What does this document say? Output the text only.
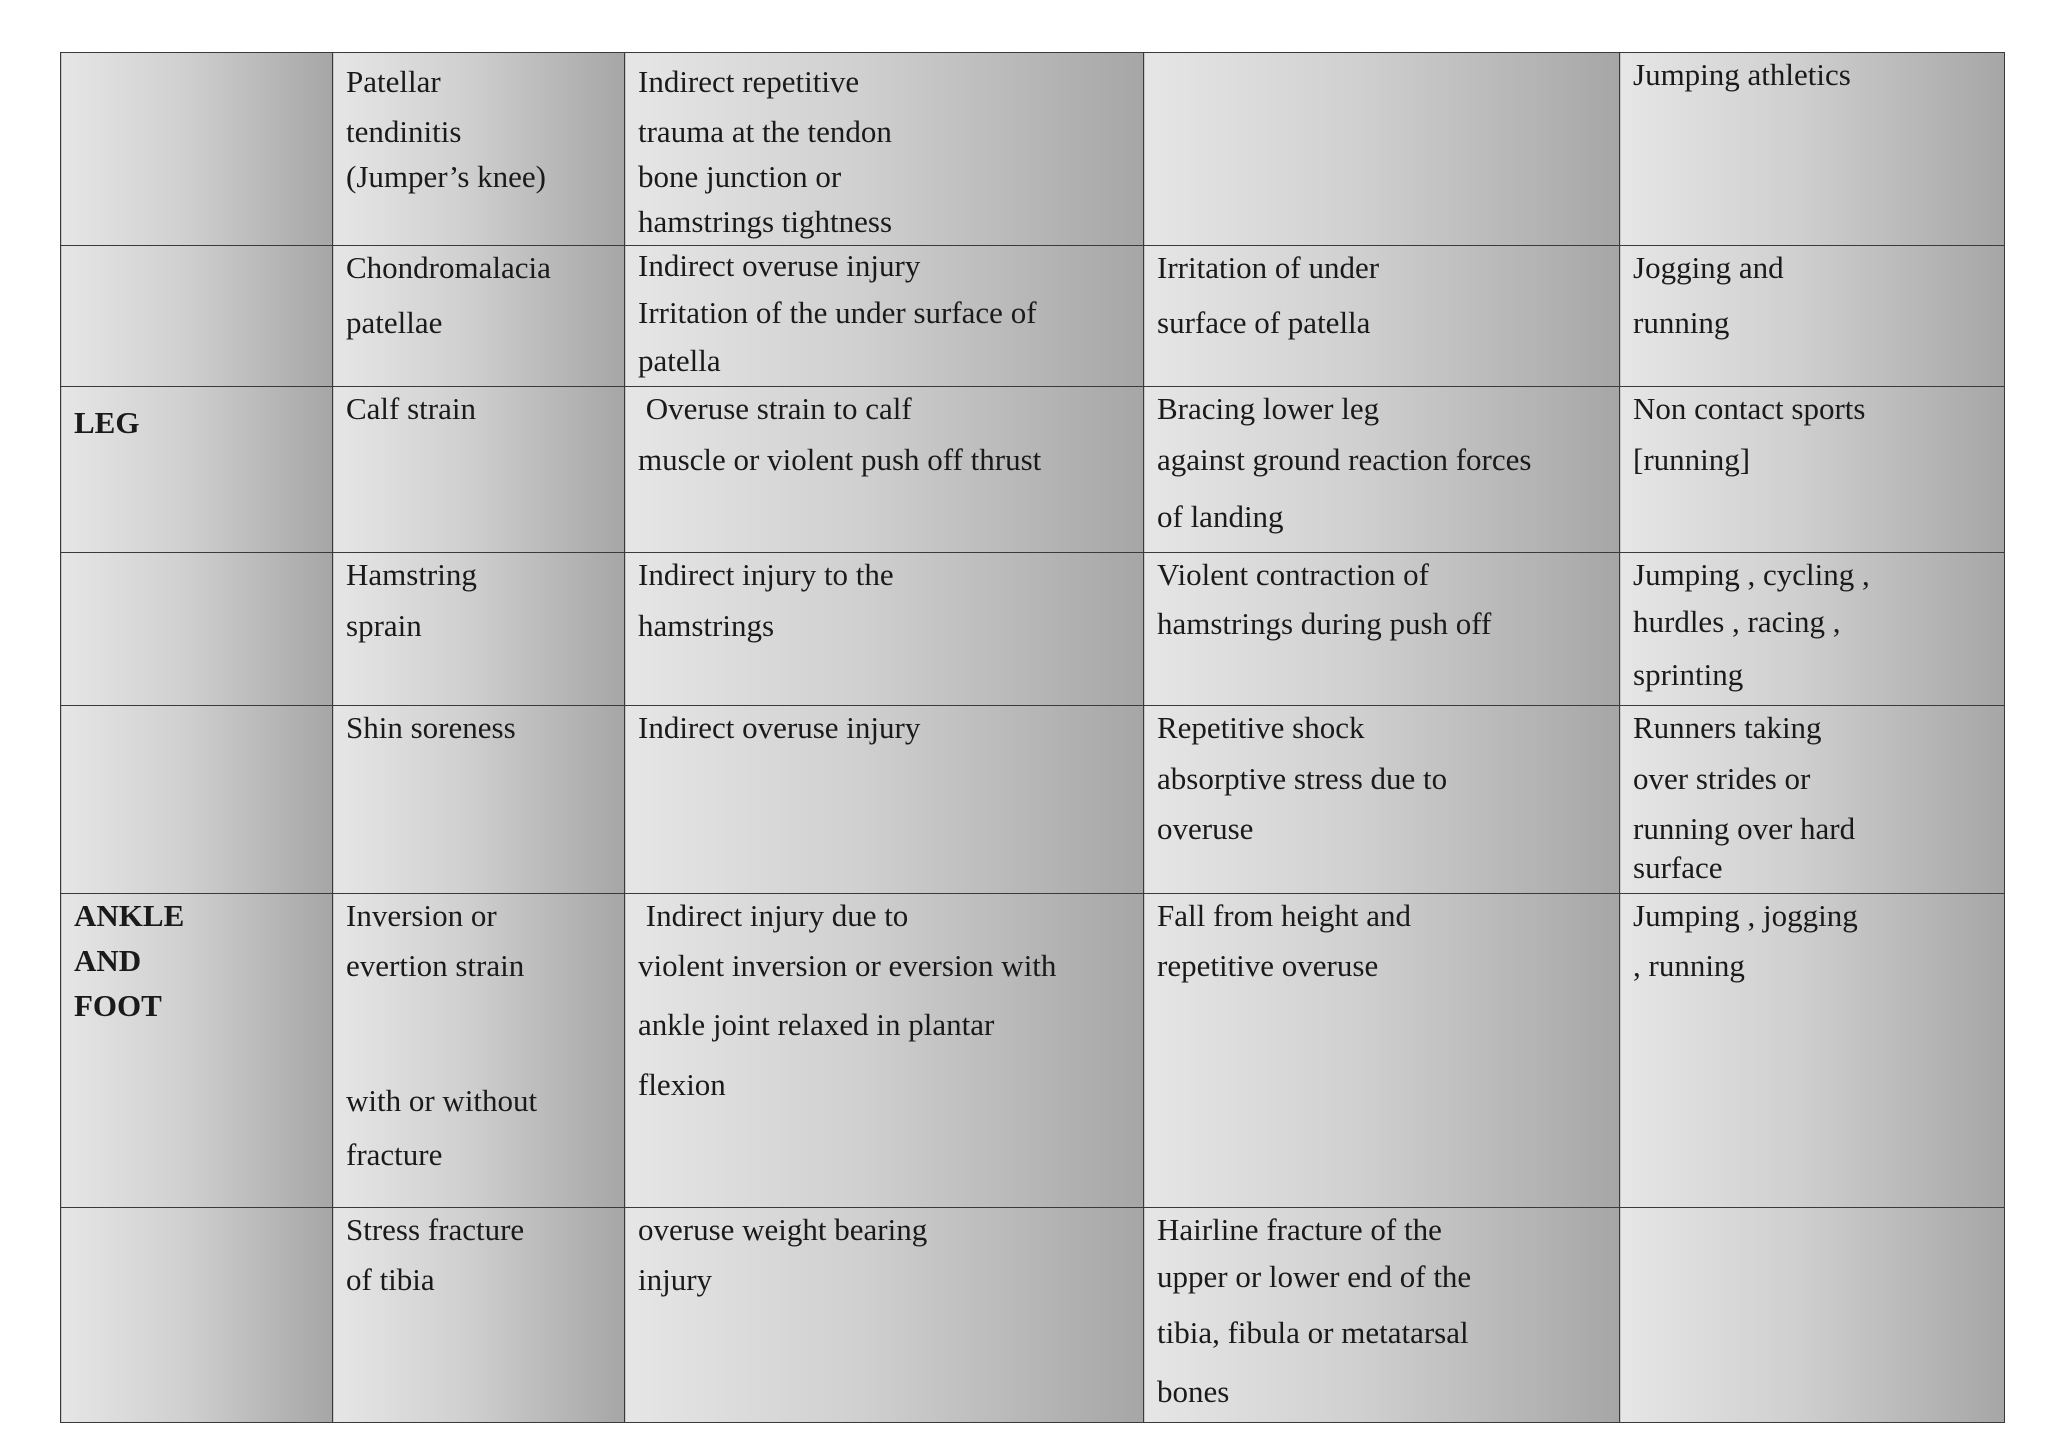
	Patellar
tendinitis
(Jumper’s knee)	Indirect repetitive
trauma at the tendon
bone junction or
hamstrings tightness		Jumping athletics

	Chondromalacia
patellae	Indirect overuse injury
Irritation of the under surface of
patella	Irritation of under
surface of patella	Jogging and
running

LEG	Calf strain	Overuse strain to calf
muscle or violent push off thrust	Bracing lower leg
against ground reaction forces
of landing	Non contact sports
[running]

	Hamstring
sprain	Indirect injury to the
hamstrings	Violent contraction of
hamstrings during push off	Jumping , cycling ,
hurdles , racing ,
sprinting

	Shin soreness	Indirect overuse injury	Repetitive shock
absorptive stress due to
overuse	Runners taking
over strides or
running over hard
surface

ANKLE
AND
FOOT	Inversion or
evertion strain
with or without
fracture	Indirect injury due to
violent inversion or eversion with
ankle joint relaxed in plantar
flexion	Fall from height and
repetitive overuse	Jumping , jogging
, running

	Stress fracture
of tibia	overuse weight bearing
injury	Hairline fracture of the
upper or lower end of the
tibia, fibula or metatarsal
bones	
